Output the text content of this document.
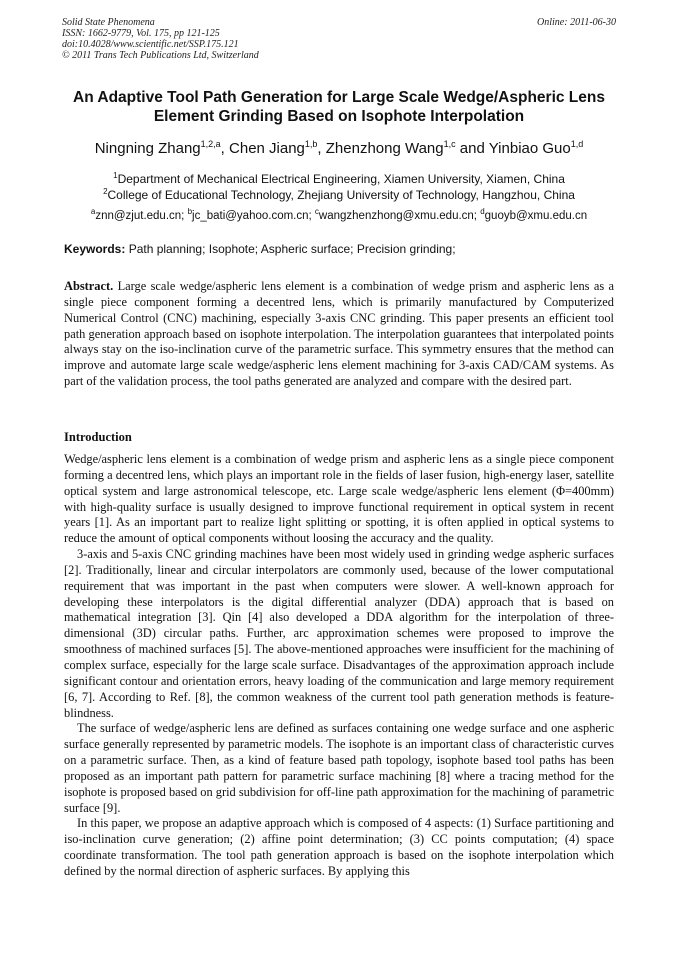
Solid State Phenomena
ISSN: 1662-9779, Vol. 175, pp 121-125
doi:10.4028/www.scientific.net/SSP.175.121
© 2011 Trans Tech Publications Ltd, Switzerland
Online: 2011-06-30
An Adaptive Tool Path Generation for Large Scale Wedge/Aspheric Lens
Element Grinding Based on Isophote Interpolation
Ningning Zhang$^{1,2,a}$, Chen Jiang$^{1,b}$, Zhenzhong Wang$^{1,c}$ and Yinbiao Guo$^{1,d}$
$^1$Department of Mechanical Electrical Engineering, Xiamen University, Xiamen, China
$^2$College of Educational Technology, Zhejiang University of Technology, Hangzhou, China
$^a$znn@zjut.edu.cn; $^b$jc_bati@yahoo.com.cn; $^c$wangzhenzhong@xmu.edu.cn; $^d$guoyb@xmu.edu.cn
Keywords: Path planning; Isophote; Aspheric surface; Precision grinding;
Abstract. Large scale wedge/aspheric lens element is a combination of wedge prism and aspheric lens as a single piece component forming a decentred lens, which is primarily manufactured by Computerized Numerical Control (CNC) machining, especially 3-axis CNC grinding. This paper presents an efficient tool path generation approach based on isophote interpolation. The interpolation guarantees that interpolated points always stay on the iso-inclination curve of the parametric surface. This symmetry ensures that the method can improve and automate large scale wedge/aspheric lens element machining for 3-axis CAD/CAM systems. As part of the validation process, the tool paths generated are analyzed and compare with the desired part.
Introduction

Wedge/aspheric lens element is a combination of wedge prism and aspheric lens as a single piece component forming a decentred lens, which plays an important role in the fields of laser fusion, high-energy laser, satellite optical system and large astronomical telescope, etc. Large scale wedge/aspheric lens element (Φ=400mm) with high-quality surface is usually designed to improve functional requirement in optical system in recent years [1]. As an important part to realize light splitting or spotting, it is often applied in optical systems to reduce the amount of optical components without loosing the accuracy and the quality.

3-axis and 5-axis CNC grinding machines have been most widely used in grinding wedge aspheric surfaces [2]. Traditionally, linear and circular interpolators are commonly used, because of the lower computational requirement that was important in the past when computers were slower. A well-known approach for developing these interpolators is the digital differential analyzer (DDA) approach that is based on mathematical integration [3]. Qin [4] also developed a DDA algorithm for the interpolation of three-dimensional (3D) circular paths. Further, arc approximation schemes were proposed to improve the smoothness of machined surfaces [5]. The above-mentioned approaches were insufficient for the machining of complex surface, especially for the large scale surface. Disadvantages of the approximation approach include significant contour and orientation errors, heavy loading of the communication and large memory requirement [6, 7]. According to Ref. [8], the common weakness of the current tool path generation methods is feature-blindness.

The surface of wedge/aspheric lens are defined as surfaces containing one wedge surface and one aspheric surface generally represented by parametric models. The isophote is an important class of characteristic curves on a parametric surface. Then, as a kind of feature based path topology, isophote based tool paths has been proposed as an important path pattern for parametric surface machining [8] where a tracing method for the isophote is proposed based on grid subdivision for off-line path approximation for the machining of parametric surface [9].

In this paper, we propose an adaptive approach which is composed of 4 aspects: (1) Surface partitioning and iso-inclination curve generation; (2) affine point determination; (3) CC points computation; (4) space coordinate transformation. The tool path generation approach is based on the isophote interpolation which defined by the normal direction of aspheric surfaces. By applying this
